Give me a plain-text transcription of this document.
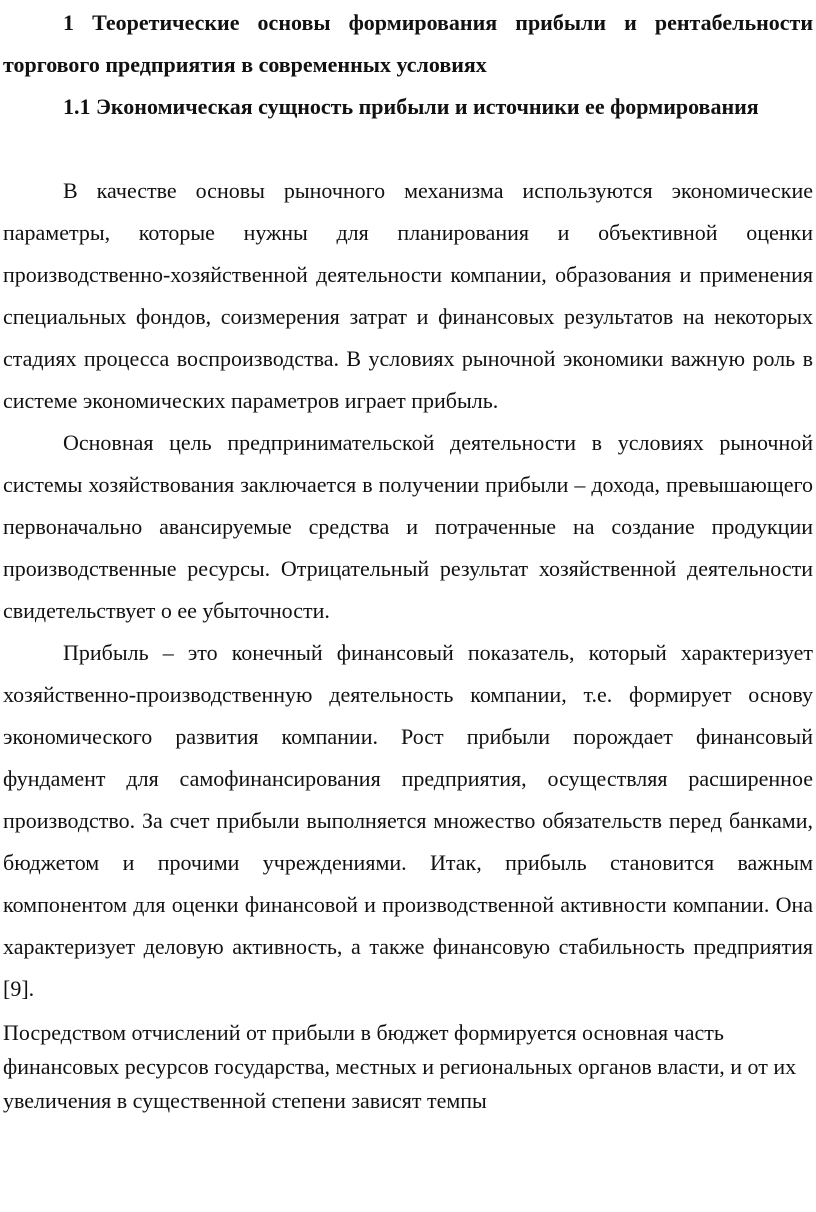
1 Теоретические основы формирования прибыли и рентабельности торгового предприятия в современных условиях

1.1 Экономическая сущность прибыли и источники ее формирования

В качестве основы рыночного механизма используются экономические параметры, которые нужны для планирования и объективной оценки производственно-хозяйственной деятельности компании, образования и применения специальных фондов, соизмерения затрат и финансовых результатов на некоторых стадиях процесса воспроизводства. В условиях рыночной экономики важную роль в системе экономических параметров играет прибыль.

Основная цель предпринимательской деятельности в условиях рыночной системы хозяйствования заключается в получении прибыли – дохода, превышающего первоначально авансируемые средства и потраченные на создание продукции производственные ресурсы. Отрицательный результат хозяйственной деятельности свидетельствует о ее убыточности.

Прибыль – это конечный финансовый показатель, который характеризует хозяйственно-производственную деятельность компании, т.е. формирует основу экономического развития компании. Рост прибыли порождает финансовый фундамент для самофинансирования предприятия, осуществляя расширенное производство. За счет прибыли выполняется множество обязательств перед банками, бюджетом и прочими учреждениями. Итак, прибыль становится важным компонентом для оценки финансовой и производственной активности компании. Она характеризует деловую активность, а также финансовую стабильность предприятия [9].

Посредством отчислений от прибыли в бюджет формируется основная часть финансовых ресурсов государства, местных и региональных органов власти, и от их увеличения в существенной степени зависят темпы
